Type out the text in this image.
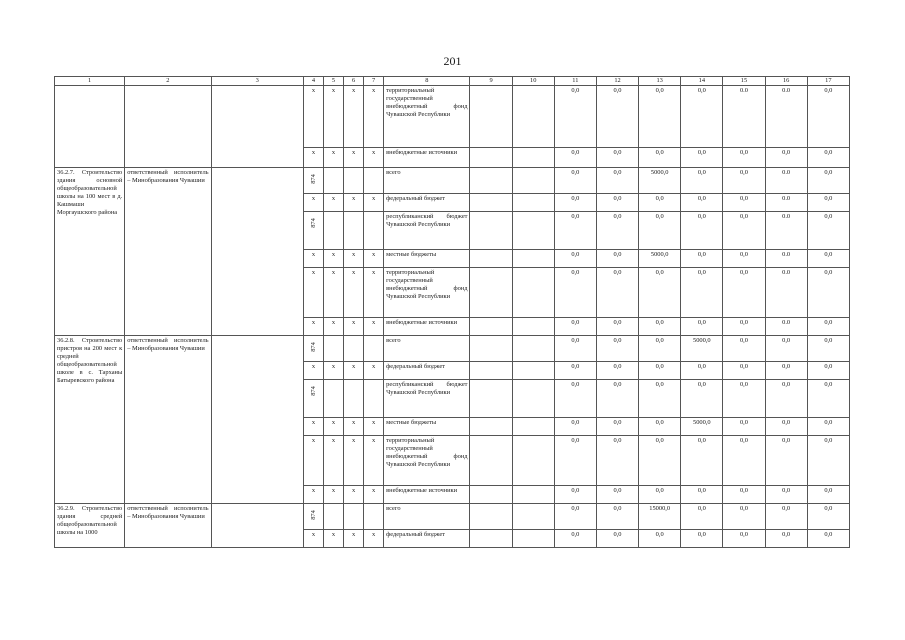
201
1	2	3	4	5	6	7	8	9	10	11	12	13	14	15	16	17
			x	x	x	x	территориальный государственный внебюджетный фонд Чувашской Республики			0,0	0,0	0,0	0,0	0.0	0.0	0,0
			x	x	x	x	внебюджетные источники			0,0	0,0	0,0	0,0	0,0	0,0	0,0
36.2.7. Строительство здания основной общеобразовательной школы на 100 мест в д. Кашмаши Моргаушского района	ответственный исполнитель – Минобразования Чувашии		874				всего			0,0	0,0	5000,0	0,0	0,0	0.0	0,0
			x	x	x	x	федеральный бюджет			0,0	0,0	0,0	0,0	0,0	0.0	0,0
			874				республиканский бюджет Чувашской Республики			0,0	0,0	0,0	0,0	0,0	0.0	0,0
			x	x	x	x	местные бюджеты			0,0	0,0	5000,0	0,0	0,0	0.0	0,0
			x	x	x	x	территориальный государственный внебюджетный фонд Чувашской Республики			0,0	0,0	0,0	0,0	0,0	0.0	0,0
			x	x	x	x	внебюджетные источники			0,0	0,0	0,0	0,0	0,0	0.0	0,0
36.2.8. Строительство пристроя на 200 мест к средней общеобразовательной школе в с. Тарханы Батыревского района	ответственный исполнитель – Минобразования Чувашии		874				всего			0,0	0,0	0,0	5000,0	0,0	0,0	0,0
			x	x	x	x	федеральный бюджет			0,0	0,0	0,0	0,0	0,0	0,0	0,0
			874				республиканский бюджет Чувашской Республики			0,0	0,0	0,0	0,0	0,0	0,0	0,0
			x	x	x	x	местные бюджеты			0,0	0,0	0,0	5000,0	0,0	0,0	0,0
			x	x	x	x	территориальный государственный внебюджетный фонд Чувашской Республики			0,0	0,0	0,0	0,0	0,0	0,0	0,0
			x	x	x	x	внебюджетные источники			0,0	0,0	0,0	0,0	0,0	0,0	0,0
36.2.9. Строительство здания средней общеобразовательной школы на 1000	ответственный исполнитель – Минобразования Чувашии		874				всего			0,0	0,0	15000,0	0,0	0,0	0,0	0,0
			x	x	x	x	федеральный бюджет			0,0	0,0	0,0	0,0	0,0	0,0	0,0
